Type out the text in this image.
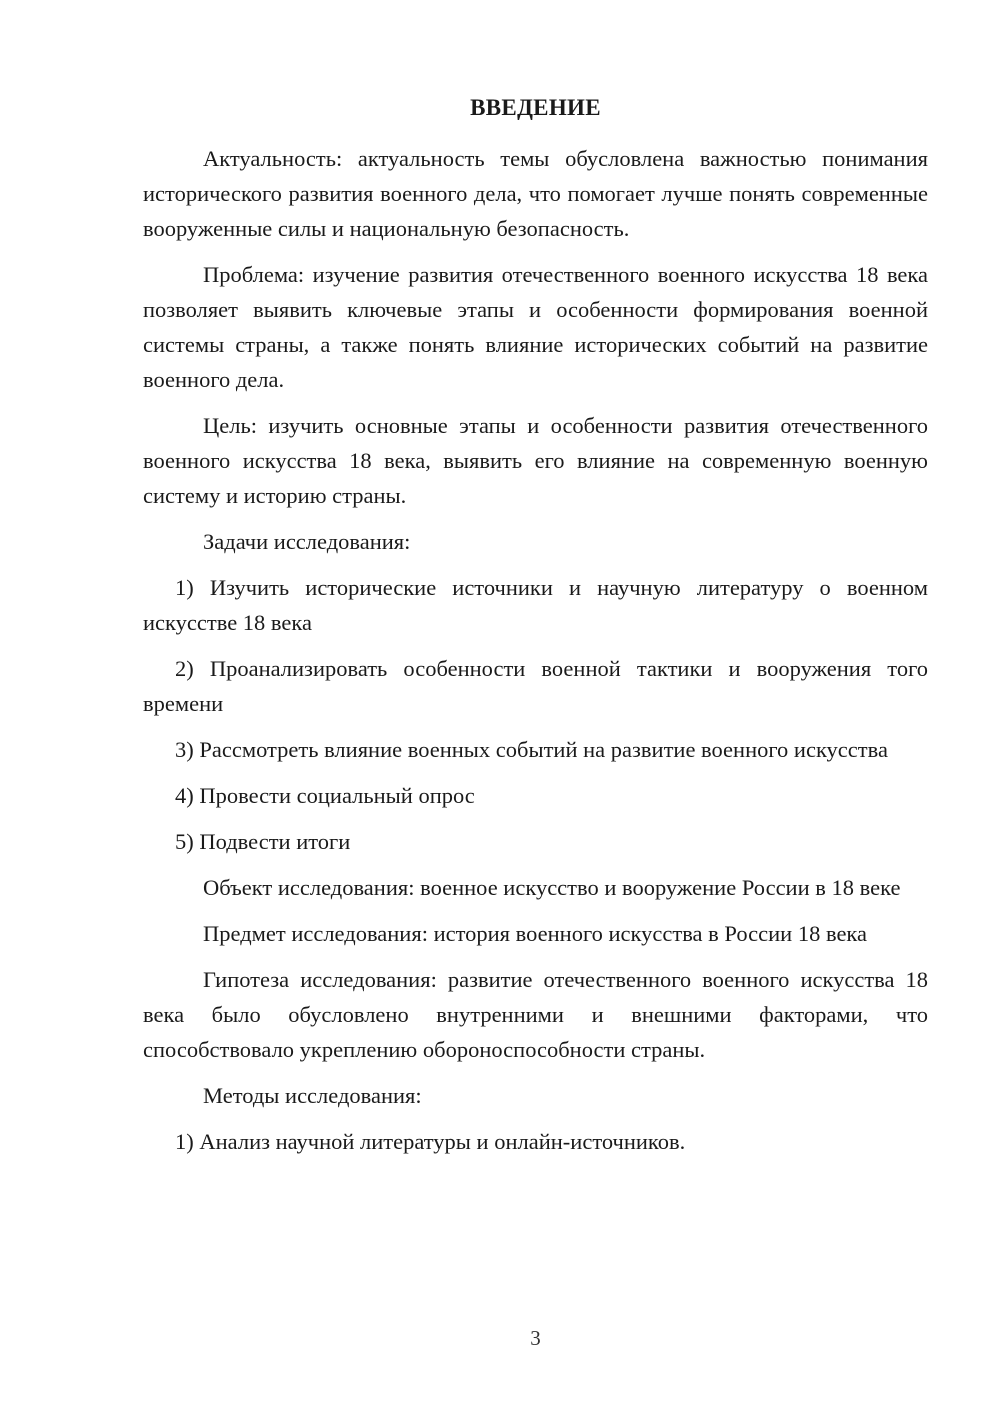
ВВЕДЕНИЕ

Актуальность: актуальность темы обусловлена важностью понимания исторического развития военного дела, что помогает лучше понять современные вооруженные силы и национальную безопасность.

Проблема: изучение развития отечественного военного искусства 18 века позволяет выявить ключевые этапы и особенности формирования военной системы страны, а также понять влияние исторических событий на развитие военного дела.

Цель: изучить основные этапы и особенности развития отечественного военного искусства 18 века, выявить его влияние на современную военную систему и историю страны.

Задачи исследования:

1) Изучить исторические источники и научную литературу о военном искусстве 18 века

2) Проанализировать особенности военной тактики и вооружения того времени

3) Рассмотреть влияние военных событий на развитие военного искусства

4) Провести социальный опрос

5) Подвести итоги

Объект исследования: военное искусство и вооружение России в 18 веке

Предмет исследования: история военного искусства в России 18 века

Гипотеза исследования: развитие отечественного военного искусства 18 века было обусловлено внутренними и внешними факторами, что способствовало укреплению обороноспособности страны.

Методы исследования:

1) Анализ научной литературы и онлайн-источников.

3
